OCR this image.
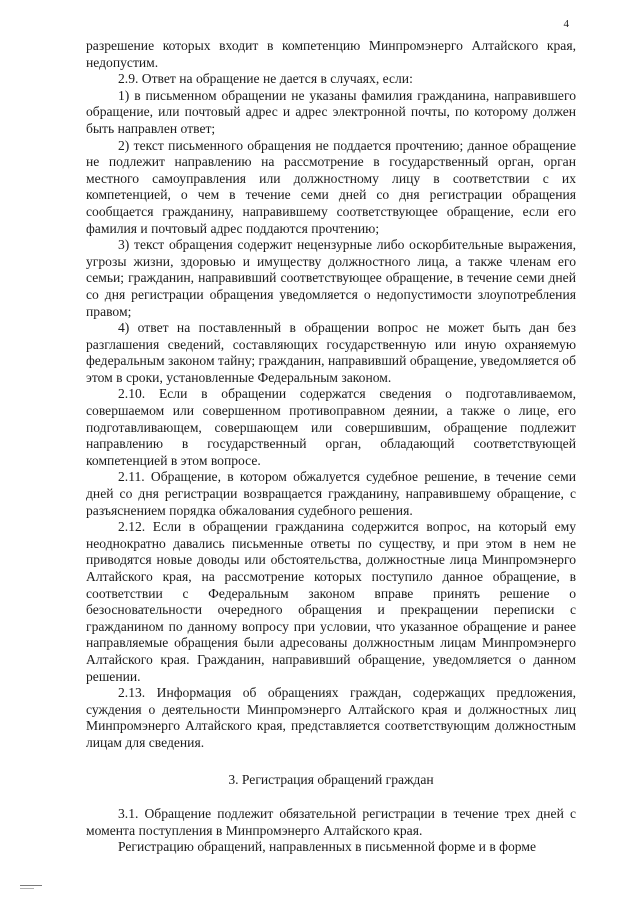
4

разрешение которых входит в компетенцию Минпромэнерго Алтайского края, недопустим.

2.9. Ответ на обращение не дается в случаях, если:

1) в письменном обращении не указаны фамилия гражданина, направившего обращение, или почтовый адрес и адрес электронной почты, по которому должен быть направлен ответ;

2) текст письменного обращения не поддается прочтению; данное обращение не подлежит направлению на рассмотрение в государственный орган, орган местного самоуправления или должностному лицу в соответствии с их компетенцией, о чем в течение семи дней со дня регистрации обращения сообщается гражданину, направившему соответствующее обращение, если его фамилия и почтовый адрес поддаются прочтению;

3) текст обращения содержит нецензурные либо оскорбительные выражения, угрозы жизни, здоровью и имуществу должностного лица, а также членам его семьи; гражданин, направивший соответствующее обращение, в течение семи дней со дня регистрации обращения уведомляется о недопустимости злоупотребления правом;

4) ответ на поставленный в обращении вопрос не может быть дан без разглашения сведений, составляющих государственную или иную охраняемую федеральным законом тайну; гражданин, направивший обращение, уведомляется об этом в сроки, установленные Федеральным законом.

2.10. Если в обращении содержатся сведения о подготавливаемом, совершаемом или совершенном противоправном деянии, а также о лице, его подготавливающем, совершающем или совершившим, обращение подлежит направлению в государственный орган, обладающий соответствующей компетенцией в этом вопросе.

2.11. Обращение, в котором обжалуется судебное решение, в течение семи дней со дня регистрации возвращается гражданину, направившему обращение, с разъяснением порядка обжалования судебного решения.

2.12. Если в обращении гражданина содержится вопрос, на который ему неоднократно давались письменные ответы по существу, и при этом в нем не приводятся новые доводы или обстоятельства, должностные лица Минпромэнерго Алтайского края, на рассмотрение которых поступило данное обращение, в соответствии с Федеральным законом вправе принять решение о безосновательности очередного обращения и прекращении переписки с гражданином по данному вопросу при условии, что указанное обращение и ранее направляемые обращения были адресованы должностным лицам Минпромэнерго Алтайского края. Гражданин, направивший обращение, уведомляется о данном решении.

2.13. Информация об обращениях граждан, содержащих предложения, суждения о деятельности Минпромэнерго Алтайского края и должностных лиц Минпромэнерго Алтайского края, представляется соответствующим должностным лицам для сведения.

3. Регистрация обращений граждан

3.1. Обращение подлежит обязательной регистрации в течение трех дней с момента поступления в Минпромэнерго Алтайского края.

Регистрацию обращений, направленных в письменной форме и в форме
